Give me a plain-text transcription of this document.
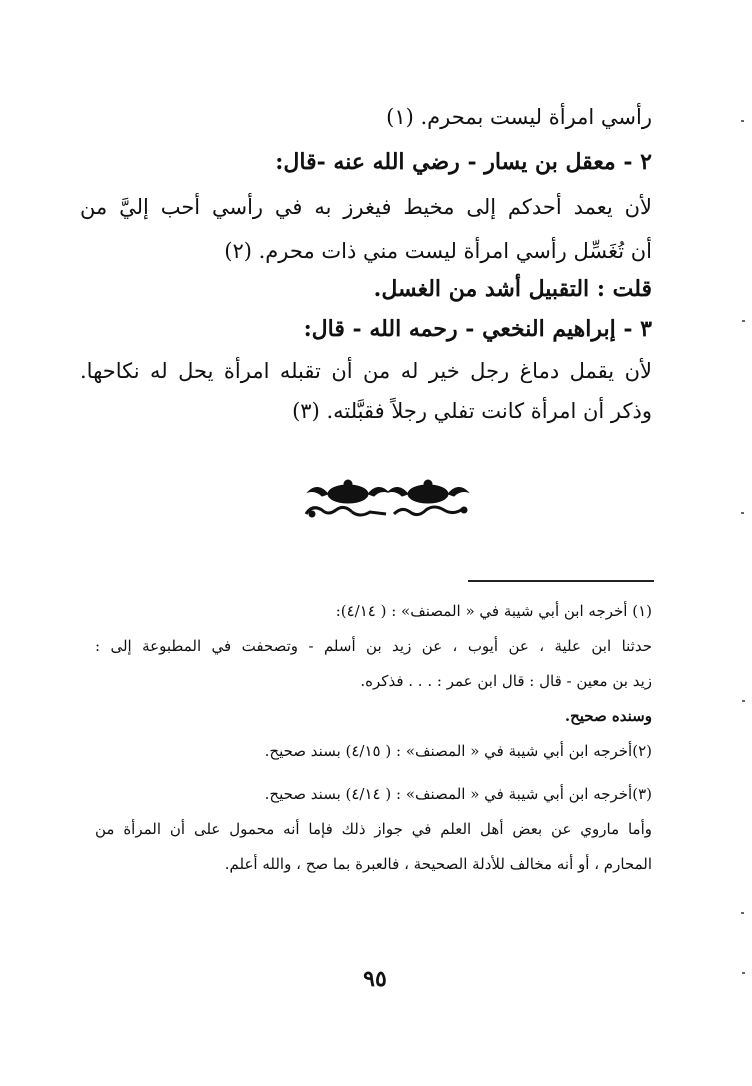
رأسي امرأة ليست بمحرم. (١)
٢ - معقل بن يسار - رضي الله عنه -قال:
لأن يعمد أحدكم إلى مخيط فيغرز به في رأسي أحب إليَّ من
أن تُغَسِّل رأسي امرأة ليست مني ذات محرم. (٢)
قلت : التقبيل أشد من الغسل.
٣ - إبراهيم النخعي - رحمه الله - قال:
لأن يقمل دماغ رجل خير له من أن تقبله امرأة يحل له نكاحها.
وذكر أن امرأة كانت تفلي رجلاً فقبَّلته. (٣)
(١) أخرجه ابن أبي شيبة في « المصنف» : ( ٤/١٤):
حدثنا ابن علية ، عن أيوب ، عن زيد بن أسلم - وتصحفت في المطبوعة إلى :
زيد بن معين - قال : قال ابن عمر : . . . فذكره.
وسنده صحيح.
(٢)أخرجه ابن أبي شيبة في « المصنف» : ( ٤/١٥) بسند صحيح.
(٣)أخرجه ابن أبي شيبة في « المصنف» : ( ٤/١٤) بسند صحيح.
وأما ماروي عن بعض أهل العلم في جواز ذلك فإما أنه محمول على أن المرأة من
المحارم ، أو أنه مخالف للأدلة الصحيحة ، فالعبرة بما صح ، والله أعلم.
٩٥
